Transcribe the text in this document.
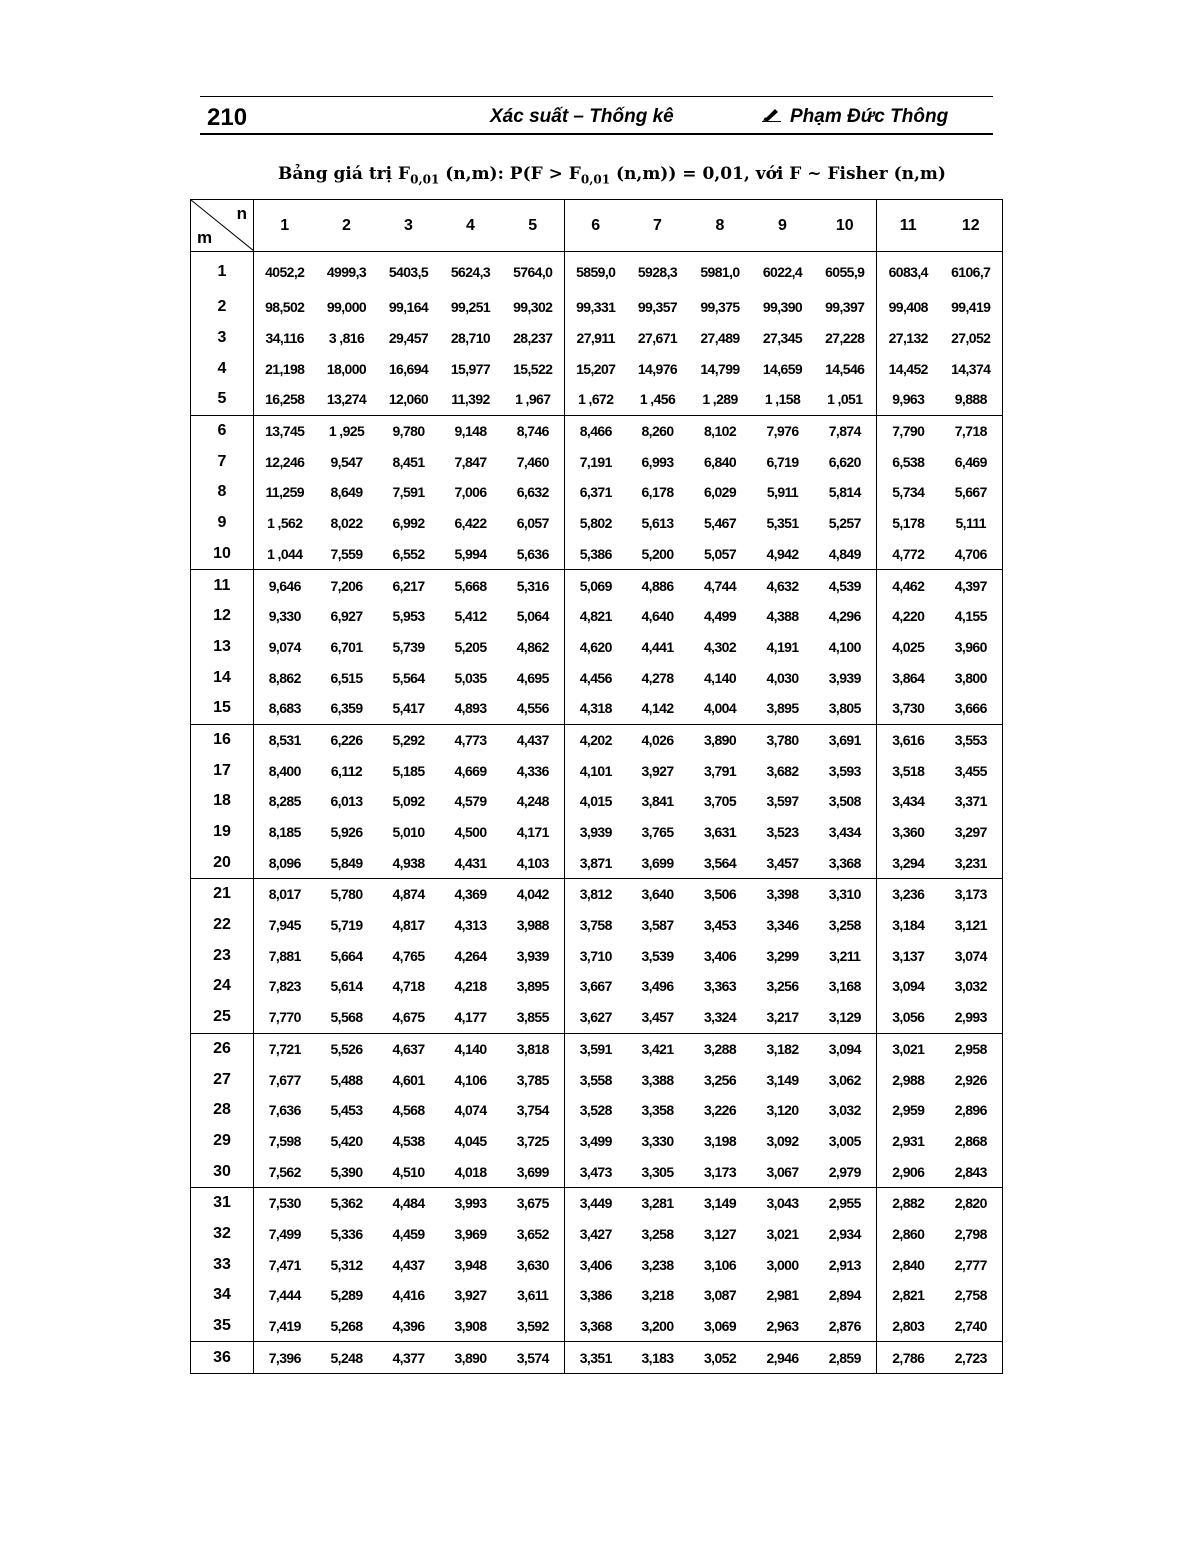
210	Xác suất – Thống kê	Phạm Đức Thông
Bảng giá trị $F_{0,01}$ (n,m): $P(F > F_{0,01}$ (n,m)) = 0,01, với F ~ Fisher (n,m)
n
m	1	2	3	4	5	6	7	8	9	10	11	12
1	4052,2	4999,3	5403,5	5624,3	5764,0	5859,0	5928,3	5981,0	6022,4	6055,9	6083,4	6106,7
2	98,502	99,000	99,164	99,251	99,302	99,331	99,357	99,375	99,390	99,397	99,408	99,419
3	34,116	3 ,816	29,457	28,710	28,237	27,911	27,671	27,489	27,345	27,228	27,132	27,052
4	21,198	18,000	16,694	15,977	15,522	15,207	14,976	14,799	14,659	14,546	14,452	14,374
5	16,258	13,274	12,060	11,392	1 ,967	1 ,672	1 ,456	1 ,289	1 ,158	1 ,051	9,963	9,888
6	13,745	1 ,925	9,780	9,148	8,746	8,466	8,260	8,102	7,976	7,874	7,790	7,718
7	12,246	9,547	8,451	7,847	7,460	7,191	6,993	6,840	6,719	6,620	6,538	6,469
8	11,259	8,649	7,591	7,006	6,632	6,371	6,178	6,029	5,911	5,814	5,734	5,667
9	1 ,562	8,022	6,992	6,422	6,057	5,802	5,613	5,467	5,351	5,257	5,178	5,111
10	1 ,044	7,559	6,552	5,994	5,636	5,386	5,200	5,057	4,942	4,849	4,772	4,706
11	9,646	7,206	6,217	5,668	5,316	5,069	4,886	4,744	4,632	4,539	4,462	4,397
12	9,330	6,927	5,953	5,412	5,064	4,821	4,640	4,499	4,388	4,296	4,220	4,155
13	9,074	6,701	5,739	5,205	4,862	4,620	4,441	4,302	4,191	4,100	4,025	3,960
14	8,862	6,515	5,564	5,035	4,695	4,456	4,278	4,140	4,030	3,939	3,864	3,800
15	8,683	6,359	5,417	4,893	4,556	4,318	4,142	4,004	3,895	3,805	3,730	3,666
16	8,531	6,226	5,292	4,773	4,437	4,202	4,026	3,890	3,780	3,691	3,616	3,553
17	8,400	6,112	5,185	4,669	4,336	4,101	3,927	3,791	3,682	3,593	3,518	3,455
18	8,285	6,013	5,092	4,579	4,248	4,015	3,841	3,705	3,597	3,508	3,434	3,371
19	8,185	5,926	5,010	4,500	4,171	3,939	3,765	3,631	3,523	3,434	3,360	3,297
20	8,096	5,849	4,938	4,431	4,103	3,871	3,699	3,564	3,457	3,368	3,294	3,231
21	8,017	5,780	4,874	4,369	4,042	3,812	3,640	3,506	3,398	3,310	3,236	3,173
22	7,945	5,719	4,817	4,313	3,988	3,758	3,587	3,453	3,346	3,258	3,184	3,121
23	7,881	5,664	4,765	4,264	3,939	3,710	3,539	3,406	3,299	3,211	3,137	3,074
24	7,823	5,614	4,718	4,218	3,895	3,667	3,496	3,363	3,256	3,168	3,094	3,032
25	7,770	5,568	4,675	4,177	3,855	3,627	3,457	3,324	3,217	3,129	3,056	2,993
26	7,721	5,526	4,637	4,140	3,818	3,591	3,421	3,288	3,182	3,094	3,021	2,958
27	7,677	5,488	4,601	4,106	3,785	3,558	3,388	3,256	3,149	3,062	2,988	2,926
28	7,636	5,453	4,568	4,074	3,754	3,528	3,358	3,226	3,120	3,032	2,959	2,896
29	7,598	5,420	4,538	4,045	3,725	3,499	3,330	3,198	3,092	3,005	2,931	2,868
30	7,562	5,390	4,510	4,018	3,699	3,473	3,305	3,173	3,067	2,979	2,906	2,843
31	7,530	5,362	4,484	3,993	3,675	3,449	3,281	3,149	3,043	2,955	2,882	2,820
32	7,499	5,336	4,459	3,969	3,652	3,427	3,258	3,127	3,021	2,934	2,860	2,798
33	7,471	5,312	4,437	3,948	3,630	3,406	3,238	3,106	3,000	2,913	2,840	2,777
34	7,444	5,289	4,416	3,927	3,611	3,386	3,218	3,087	2,981	2,894	2,821	2,758
35	7,419	5,268	4,396	3,908	3,592	3,368	3,200	3,069	2,963	2,876	2,803	2,740
36	7,396	5,248	4,377	3,890	3,574	3,351	3,183	3,052	2,946	2,859	2,786	2,723
